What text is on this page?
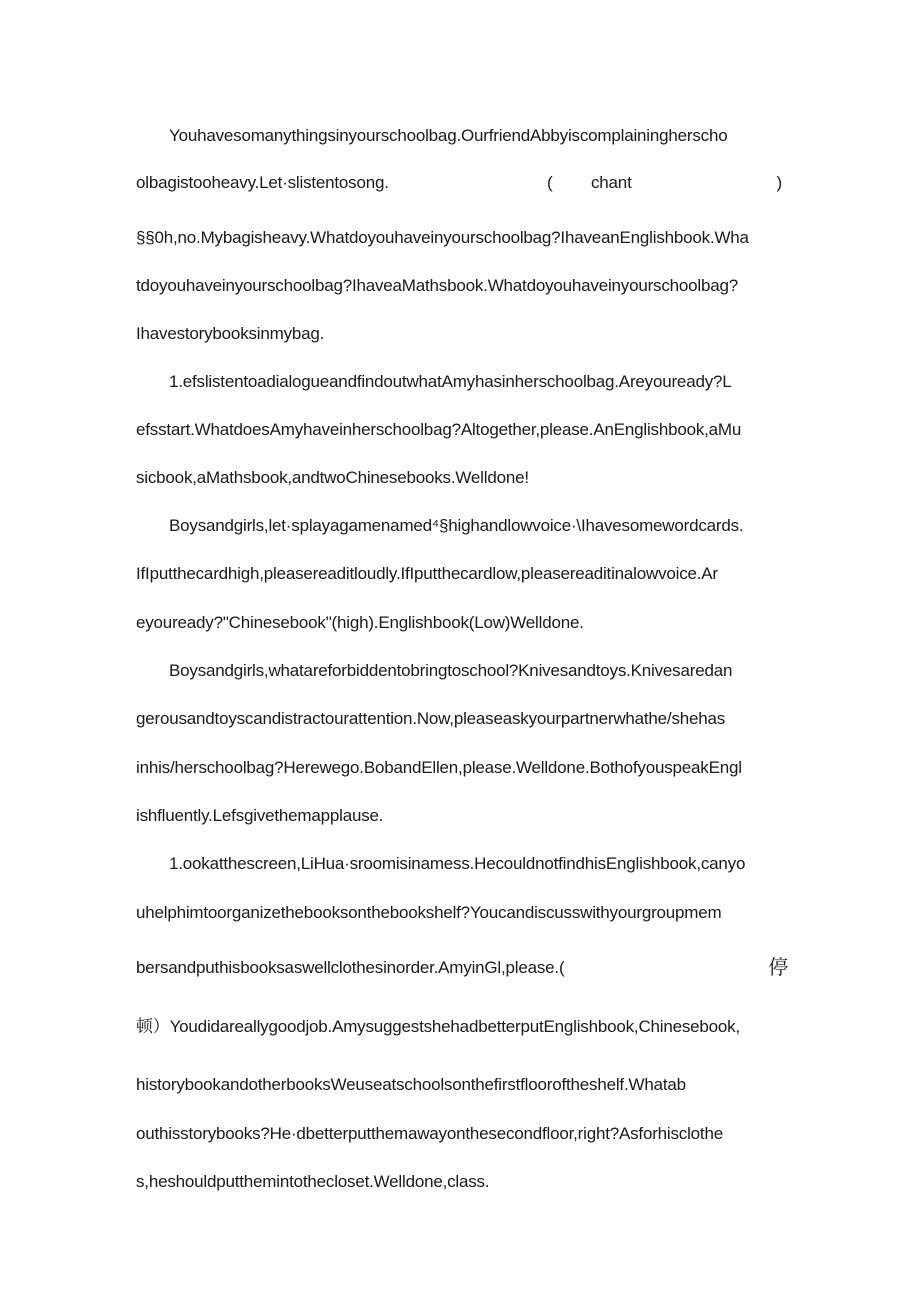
Youhavesomanythingsinyourschoolbag.OurfriendAbbyiscomplainingherscho
olbagistooheavy.Let·slistentosong.	( chant	)
§§0h,no.Mybagisheavy.Whatdoyouhaveinyourschoolbag?IhaveanEnglishbook.Wha
tdoyouhaveinyourschoolbag?IhaveaMathsbook.Whatdoyouhaveinyourschoolbag?
Ihavestorybooksinmybag.
1.efslistentoadialogueandfindoutwhatAmyhasinherschoolbag.Areyouready?L
efsstart.WhatdoesAmyhaveinherschoolbag?Altogether,please.AnEnglishbook,aMu
sicbook,aMathsbook,andtwoChinesebooks.Welldone!
Boysandgirls,let·splayagamenamed⁴§highandlowvoice·\Ihavesomewordcards.
IfIputthecardhigh,pleasereaditloudly.IfIputthecardlow,pleasereaditinalowvoice.Ar
eyouready?"Chinesebook"(high).Englishbook(Low)Welldone.
Boysandgirls,whatareforbiddentobringtoschool?Knivesandtoys.Knivesaredan
gerousandtoyscandistractourattention.Now,pleaseaskyourpartnerwhathe/shehas
inhis/herschoolbag?Herewego.BobandEllen,please.Welldone.BothofyouspeakEngl
ishfluently.Lefsgivethemapplause.
1.ookatthescreen,LiHua·sroomisinamess.HecouldnotfindhisEnglishbook,canyo
uhelphimtoorganizethebooksonthebookshelf?Youcandiscusswithyourgroupmem
bersandputhisbooksaswellclothesinorder.AmyinGl,please.(	停
顿）Youdidareallygoodjob.AmysuggestshehadbetterputEnglishbook,Chinesebook,
historybookandotherbooksWeuseatschoolsonthefirstflooroftheshelf.Whatab
outhisstorybooks?He·dbetterputthemawayonthesecondfloor,right?Asforhisclothe
s,heshouldputthemintothecloset.Welldone,class.
